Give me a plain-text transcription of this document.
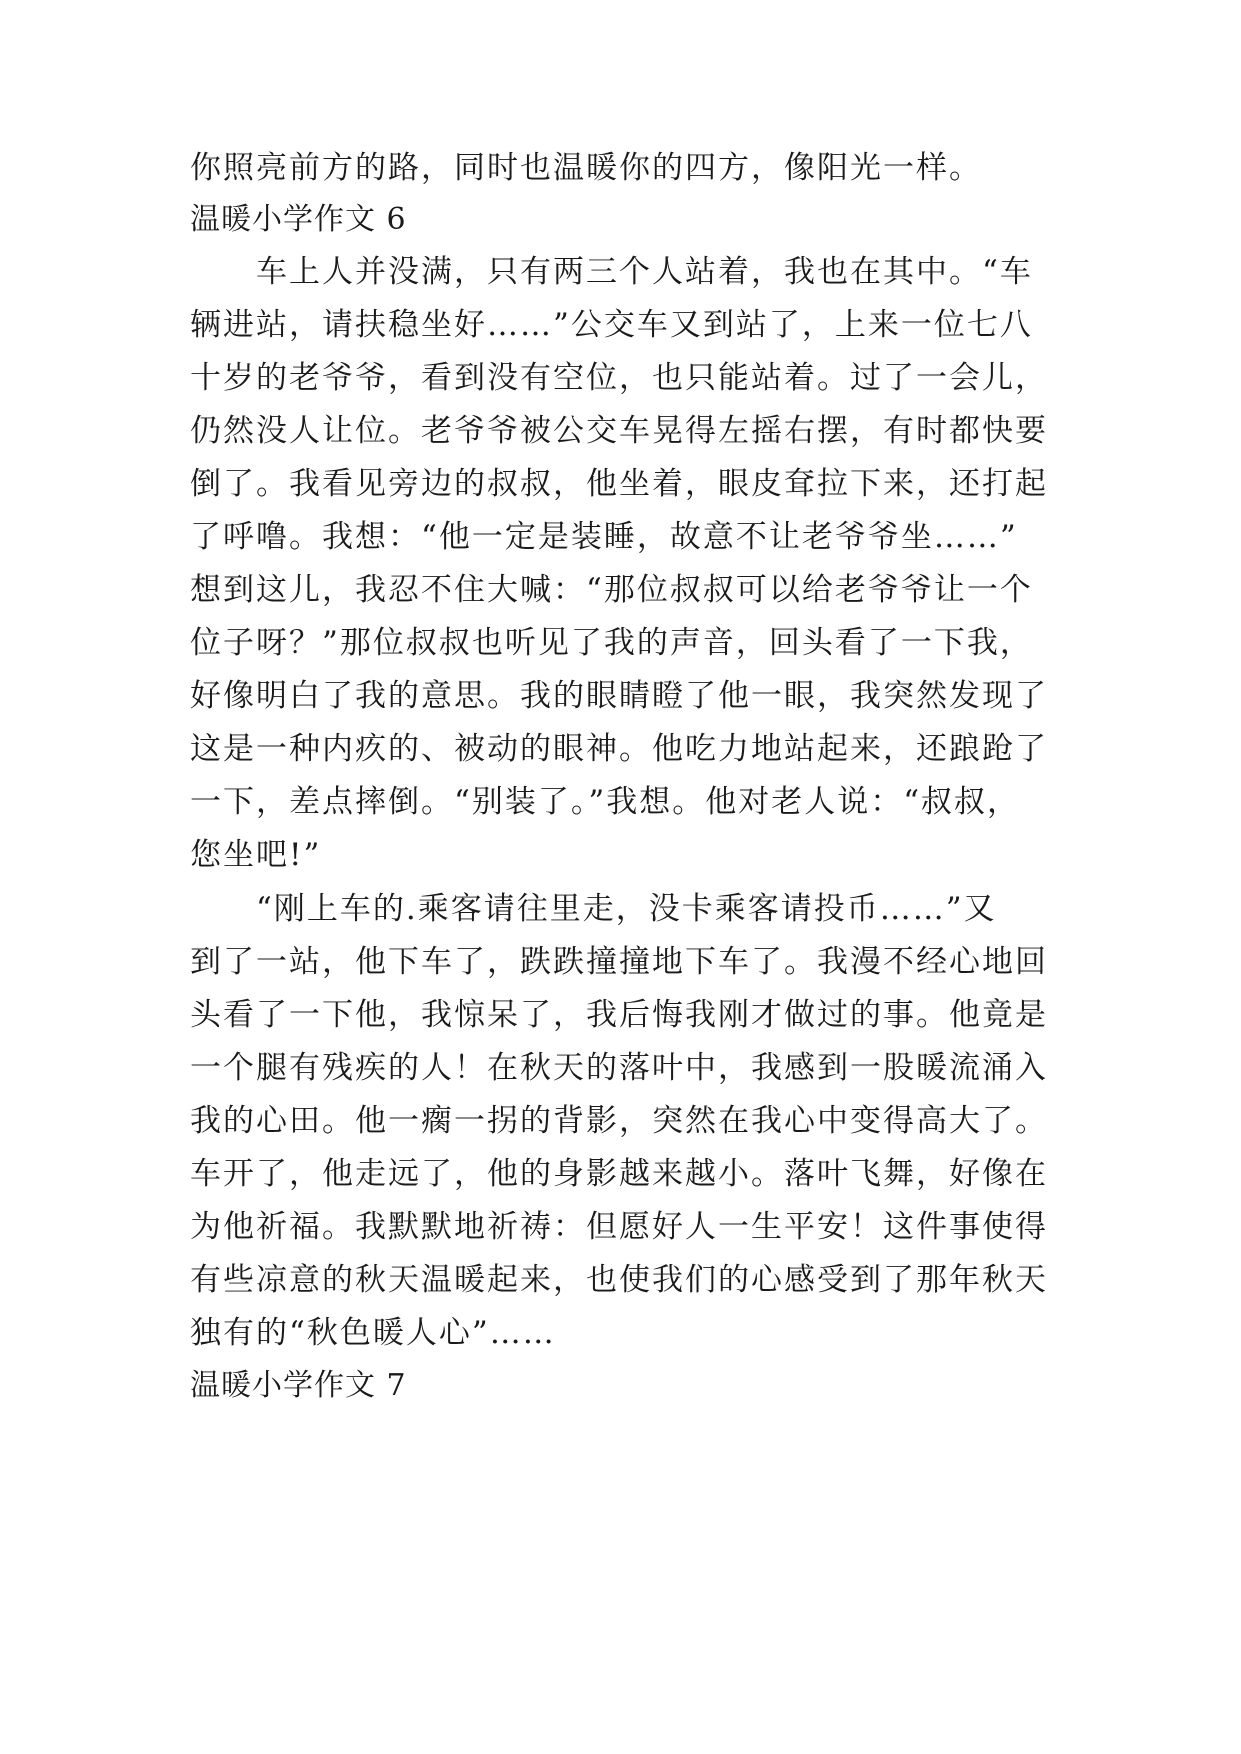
你照亮前方的路，同时也温暖你的四方，像阳光一样。
温暖小学作文 6
　　车上人并没满，只有两三个人站着，我也在其中。“车
辆进站，请扶稳坐好……”公交车又到站了，上来一位七八
十岁的老爷爷，看到没有空位，也只能站着。过了一会儿，
仍然没人让位。老爷爷被公交车晃得左摇右摆，有时都快要
倒了。我看见旁边的叔叔，他坐着，眼皮耷拉下来，还打起
了呼噜。我想：“他一定是装睡，故意不让老爷爷坐……”
想到这儿，我忍不住大喊：“那位叔叔可以给老爷爷让一个
位子呀？”那位叔叔也听见了我的声音，回头看了一下我，
好像明白了我的意思。我的眼睛瞪了他一眼，我突然发现了
这是一种内疚的、被动的眼神。他吃力地站起来，还踉跄了
一下，差点摔倒。“别装了。”我想。他对老人说：“叔叔，
您坐吧!”
　　“刚上车的.乘客请往里走，没卡乘客请投币……”又
到了一站，他下车了，跌跌撞撞地下车了。我漫不经心地回
头看了一下他，我惊呆了，我后悔我刚才做过的事。他竟是
一个腿有残疾的人！在秋天的落叶中，我感到一股暖流涌入
我的心田。他一瘸一拐的背影，突然在我心中变得高大了。
车开了，他走远了，他的身影越来越小。落叶飞舞，好像在
为他祈福。我默默地祈祷：但愿好人一生平安！这件事使得
有些凉意的秋天温暖起来，也使我们的心感受到了那年秋天
独有的“秋色暖人心”……
温暖小学作文 7
